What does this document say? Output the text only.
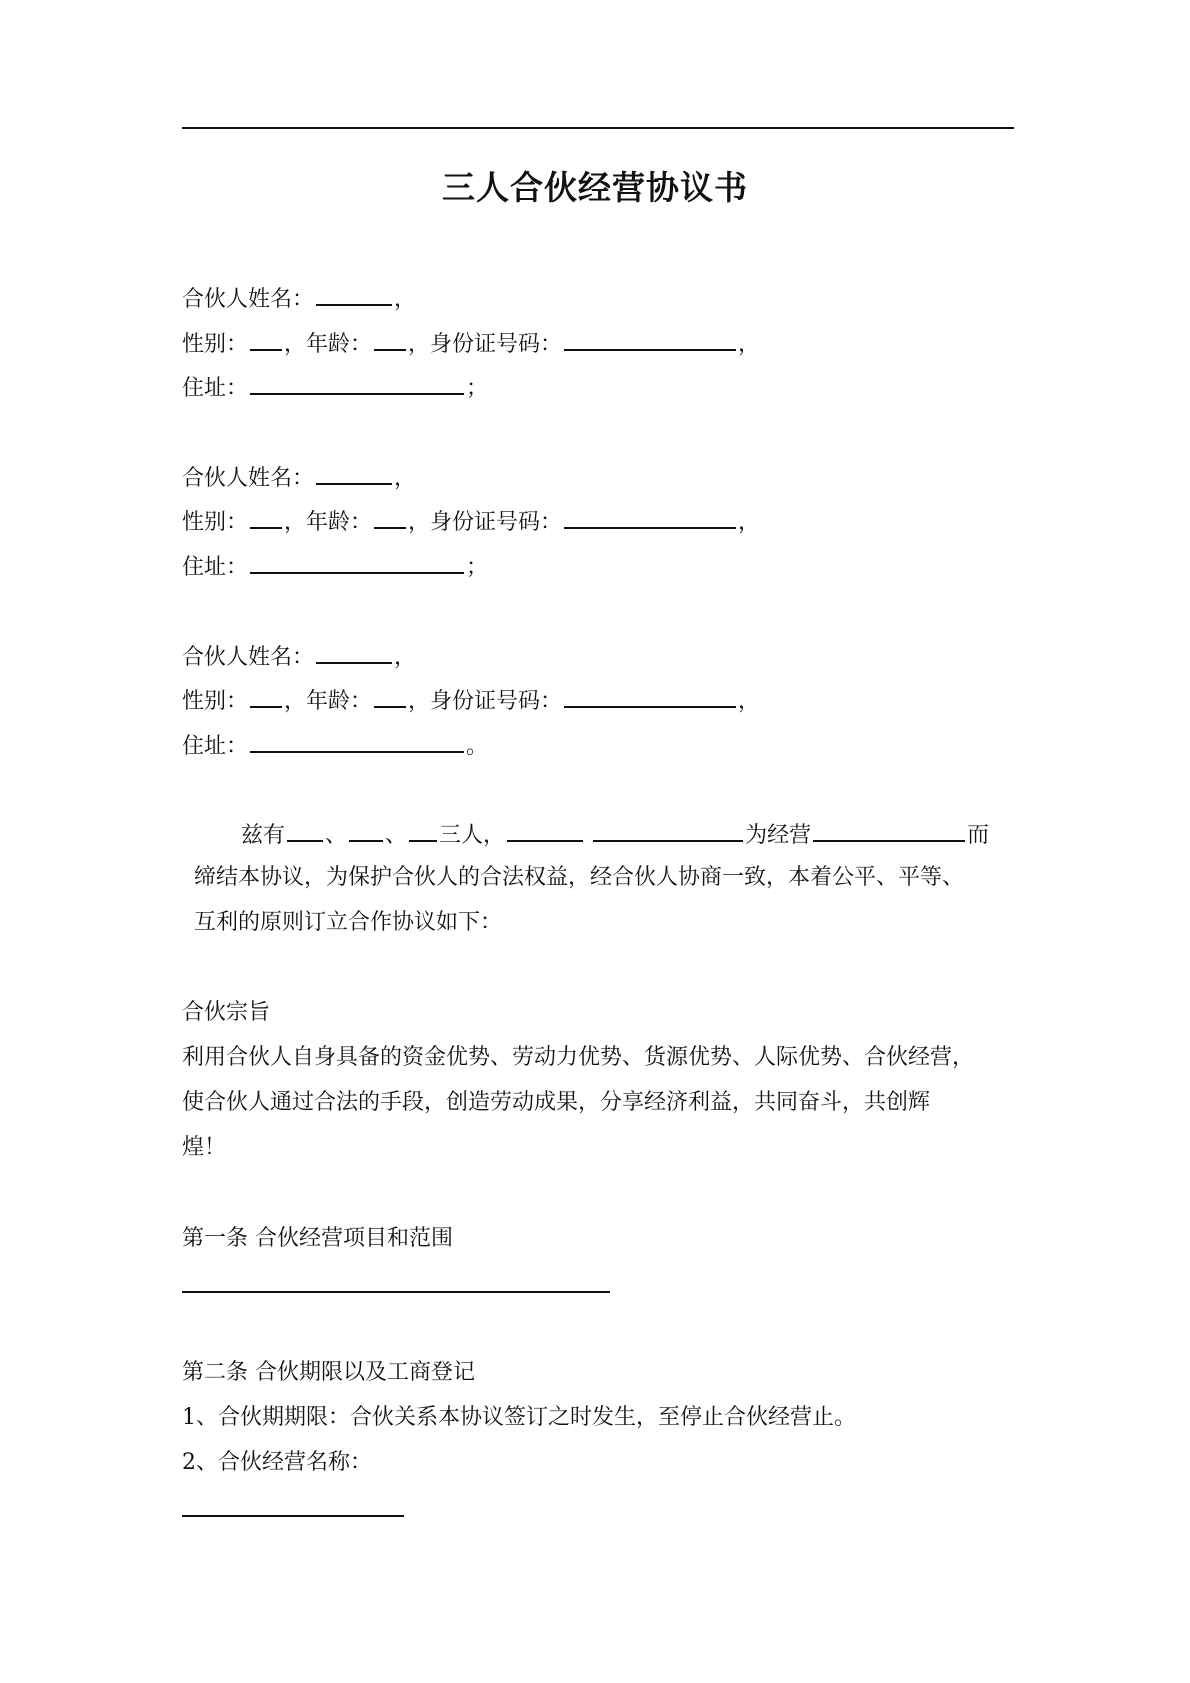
三人合伙经营协议书
合伙人姓名：	，
性别： ，年龄： ，身份证号码：	，
住址：	；
合伙人姓名：	，
性别： ，年龄： ，身份证号码：	，
住址：	；
合伙人姓名：	，
性别： ，年龄： ，身份证号码：	，
住址：	。
兹有 、 、 三人，	为经营	而
缔结本协议，为保护合伙人的合法权益，经合伙人协商一致，本着公平、平等、
互利的原则订立合作协议如下：
合伙宗旨
利用合伙人自身具备的资金优势、劳动力优势、货源优势、人际优势、合伙经营，
使合伙人通过合法的手段，创造劳动成果，分享经济利益，共同奋斗，共创辉
煌！
第一条 合伙经营项目和范围
第二条 合伙期限以及工商登记
1、合伙期期限：合伙关系本协议签订之时发生，至停止合伙经营止。
2、合伙经营名称：
